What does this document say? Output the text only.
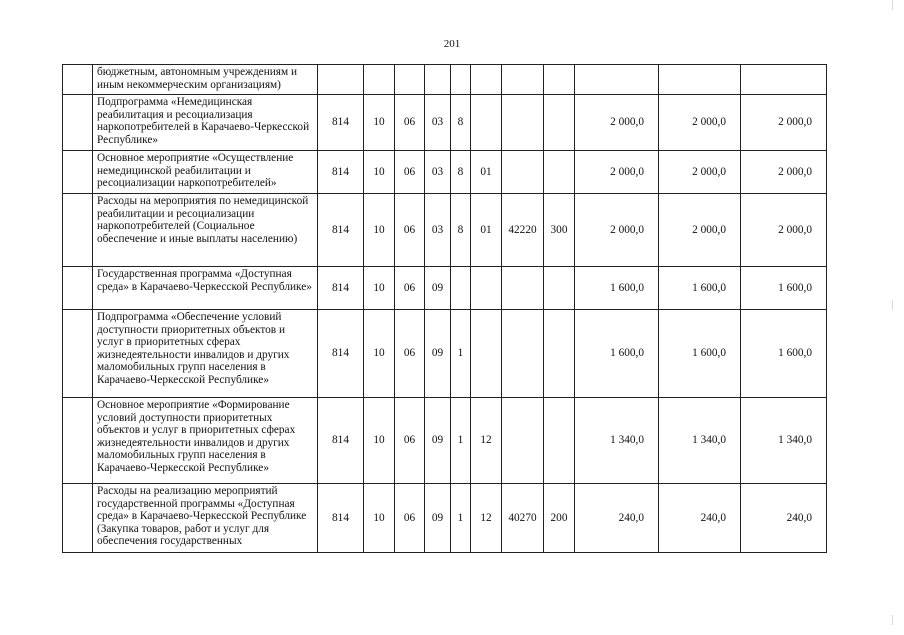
201
	бюджетным, автономным учреждениям и иным некоммерческим организациям)											
	Подпрограмма «Немедицинская реабилитация и ресоциализация наркопотребителей в Карачаево-Черкесской Республике»	814	10	06	03	8				2 000,0	2 000,0	2 000,0
	Основное мероприятие «Осуществление немедицинской реабилитации и ресоциализации наркопотребителей»	814	10	06	03	8	01			2 000,0	2 000,0	2 000,0
	Расходы на мероприятия по немедицинской реабилитации и ресоциализации наркопотребителей (Социальное обеспечение и иные выплаты населению)	814	10	06	03	8	01	42220	300	2 000,0	2 000,0	2 000,0
	Государственная программа «Доступная среда» в Карачаево-Черкесской Республике»	814	10	06	09					1 600,0	1 600,0	1 600,0
	Подпрограмма «Обеспечение условий доступности приоритетных объектов и услуг в приоритетных сферах жизнедеятельности инвалидов и других маломобильных групп населения в Карачаево-Черкесской Республике»	814	10	06	09	1				1 600,0	1 600,0	1 600,0
	Основное мероприятие «Формирование условий доступности приоритетных объектов и услуг в приоритетных сферах жизнедеятельности инвалидов и других маломобильных групп населения в Карачаево-Черкесской Республике»	814	10	06	09	1	12			1 340,0	1 340,0	1 340,0
	Расходы на реализацию мероприятий государственной программы «Доступная среда» в Карачаево-Черкесской Республике (Закупка товаров, работ и услуг для обеспечения государственных	814	10	06	09	1	12	40270	200	240,0	240,0	240,0
